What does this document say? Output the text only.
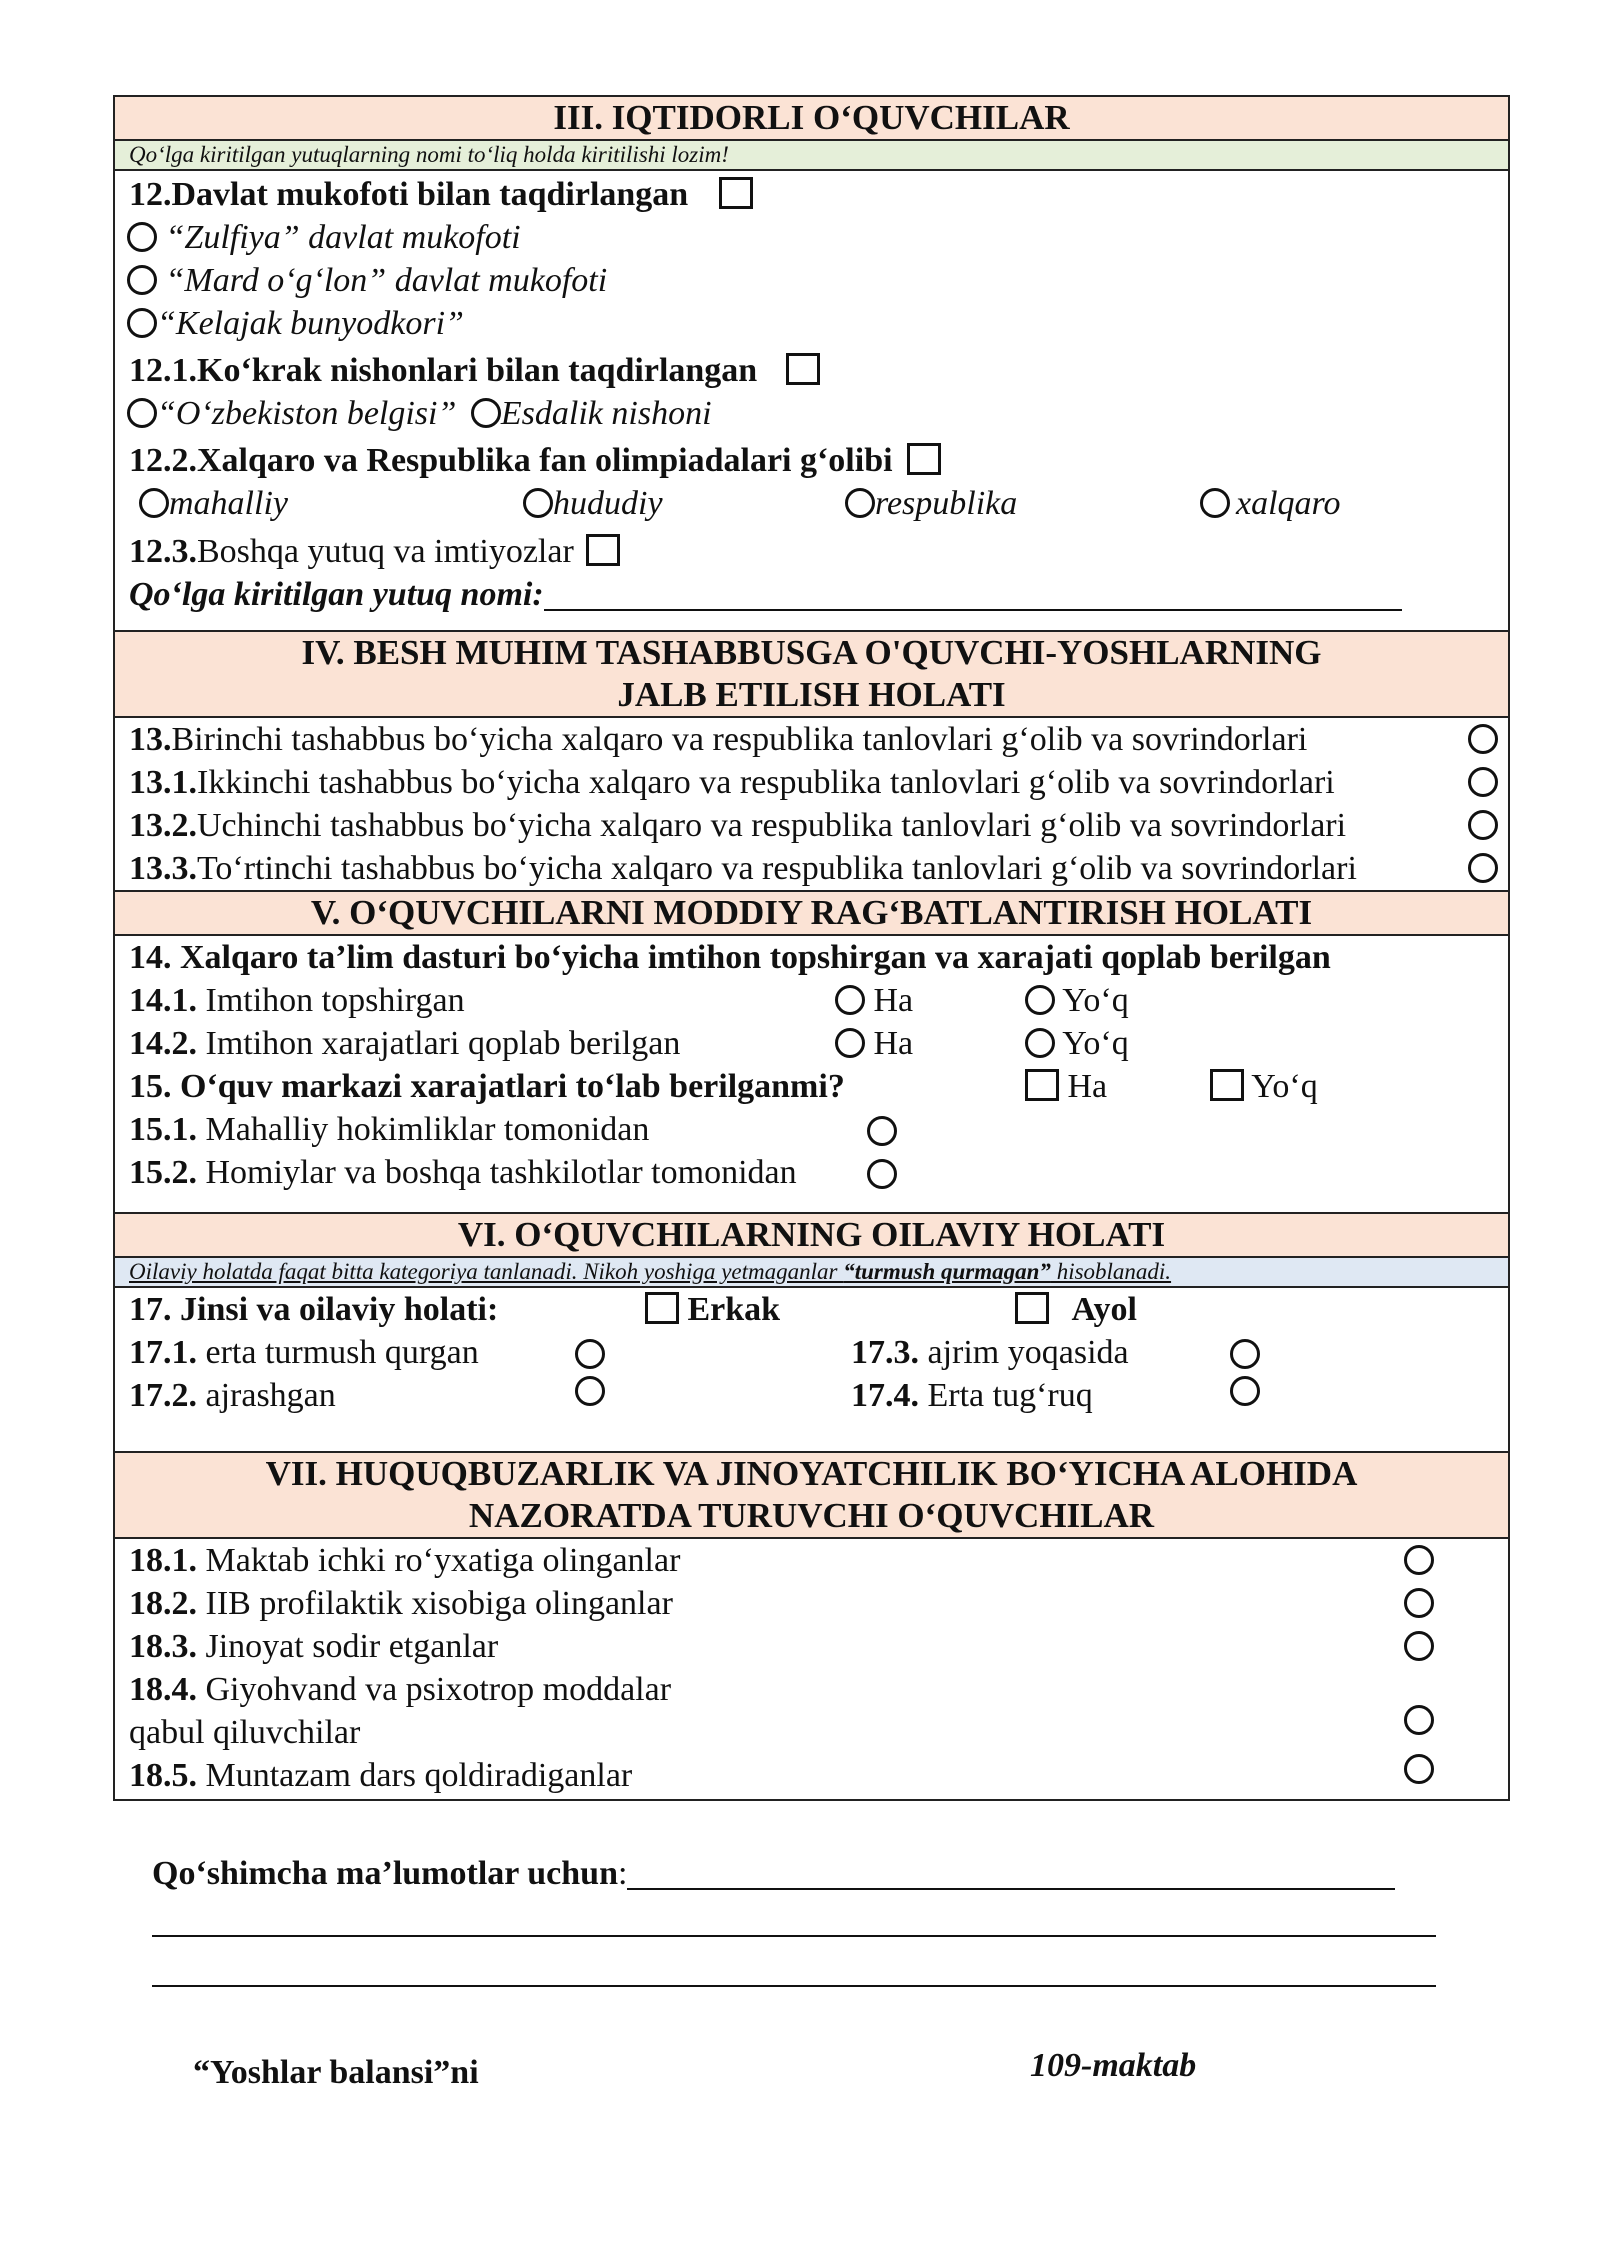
III. IQTIDORLI O‘QUVCHILAR
Qo‘lga kiritilgan yutuqlarning nomi to‘liq holda kiritilishi lozim!
12.Davlat mukofoti bilan taqdirlangan
“Zulfiya” davlat mukofoti
“Mard o‘g‘lon” davlat mukofoti
“Kelajak bunyodkori”
12.1.Ko‘krak nishonlari bilan taqdirlangan
“O‘zbekiston belgisi” Esdalik nishoni
12.2.Xalqaro va Respublika fan olimpiadalari g‘olibi
mahalliy	hududiy	respublika	xalqaro
12.3.Boshqa yutuq va imtiyozlar
Qo‘lga kiritilgan yutuq nomi:
IV. BESH MUHIM TASHABBUSGA O'QUVCHI-YOSHLARNING
JALB ETILISH HOLATI
13.Birinchi tashabbus bo‘yicha xalqaro va respublika tanlovlari g‘olib va sovrindorlari
13.1.Ikkinchi tashabbus bo‘yicha xalqaro va respublika tanlovlari g‘olib va sovrindorlari
13.2.Uchinchi tashabbus bo‘yicha xalqaro va respublika tanlovlari g‘olib va sovrindorlari
13.3.To‘rtinchi tashabbus bo‘yicha xalqaro va respublika tanlovlari g‘olib va sovrindorlari
V. O‘QUVCHILARNI MODDIY RAG‘BATLANTIRISH HOLATI
14. Xalqaro ta’lim dasturi bo‘yicha imtihon topshirgan va xarajati qoplab berilgan
14.1. Imtihon topshirgan	Ha	Yo‘q
14.2. Imtihon xarajatlari qoplab berilgan	Ha	Yo‘q
15. O‘quv markazi xarajatlari to‘lab berilganmi?	Ha	Yo‘q
15.1. Mahalliy hokimliklar tomonidan
15.2. Homiylar va boshqa tashkilotlar tomonidan
VI. O‘QUVCHILARNING OILAVIY HOLATI
Oilaviy holatda faqat bitta kategoriya tanlanadi. Nikoh yoshiga yetmaganlar “turmush qurmagan” hisoblanadi.
17. Jinsi va oilaviy holati:	Erkak	Ayol
17.1. erta turmush qurgan	17.3. ajrim yoqasida
17.2. ajrashgan	17.4. Erta tug‘ruq
VII. HUQUQBUZARLIK VA JINOYATCHILIK BO‘YICHA ALOHIDA
NAZORATDA TURUVCHI O‘QUVCHILAR
18.1. Maktab ichki ro‘yxatiga olinganlar
18.2. IIB profilaktik xisobiga olinganlar
18.3. Jinoyat sodir etganlar
18.4. Giyohvand va psixotrop moddalar
qabul qiluvchilar
18.5. Muntazam dars qoldiradiganlar
Qo‘shimcha ma’lumotlar uchun:
“Yoshlar balansi”ni	109-maktab
